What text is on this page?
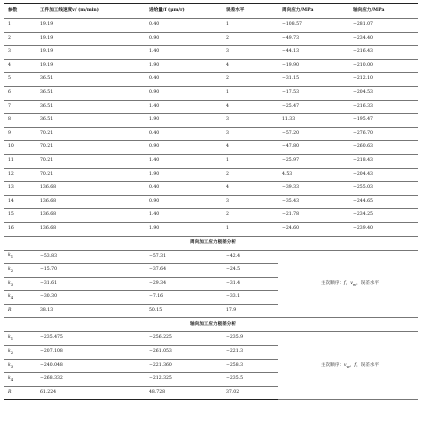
参数	工件加工线速度v/ (m/min)	进给量/f (μm/r)	误差水平	周向应力/MPa	轴向应力/MPa
1	19.19	0.40	1	−108.57	−281.07
2	19.19	0.90	2	−49.73	−234.40
3	19.19	1.40	3	−44.13	−216.43
4	19.19	1.90	4	−19.90	−210.00
5	36.51	0.40	2	−31.15	−212.10
6	36.51	0.90	1	−17.53	−204.53
7	36.51	1.40	4	−25.47	−216.33
8	36.51	1.90	3	11.33	−195.47
9	70.21	0.40	3	−57.20	−276.70
10	70.21	0.90	4	−47.80	−260.63
11	70.21	1.40	1	−25.97	−218.43
12	70.21	1.90	2	4.53	−204.43
13	136.68	0.40	4	−39.33	−255.03
14	136.68	0.90	3	−35.43	−244.65
15	136.68	1.40	2	−21.78	−234.25
16	136.68	1.90	1	−24.60	−239.40
周向加工应力极差分析					
$k_1$	−53.83	−57.31	−42.4	主次顺序：f，$v_w$，误差水平	
$k_2$	−15.70	−37.64	−24.5		
$k_3$	−31.61	−29.34	−31.4		
$k_4$	−30.30	−7.16	−33.1		
R	38.13	50.15	17.9		
轴向加工应力极差分析					
$k_1$	−235.475	−256.225	−235.9	主次顺序：$v_w$，f，误差水平	
$k_2$	−207.108	−261.053	−221.3		
$k_3$	−240.048	−221.360	−258.3		
$k_4$	−268.332	−212.325	−235.5		
R	61.224	48.728	37.02		
